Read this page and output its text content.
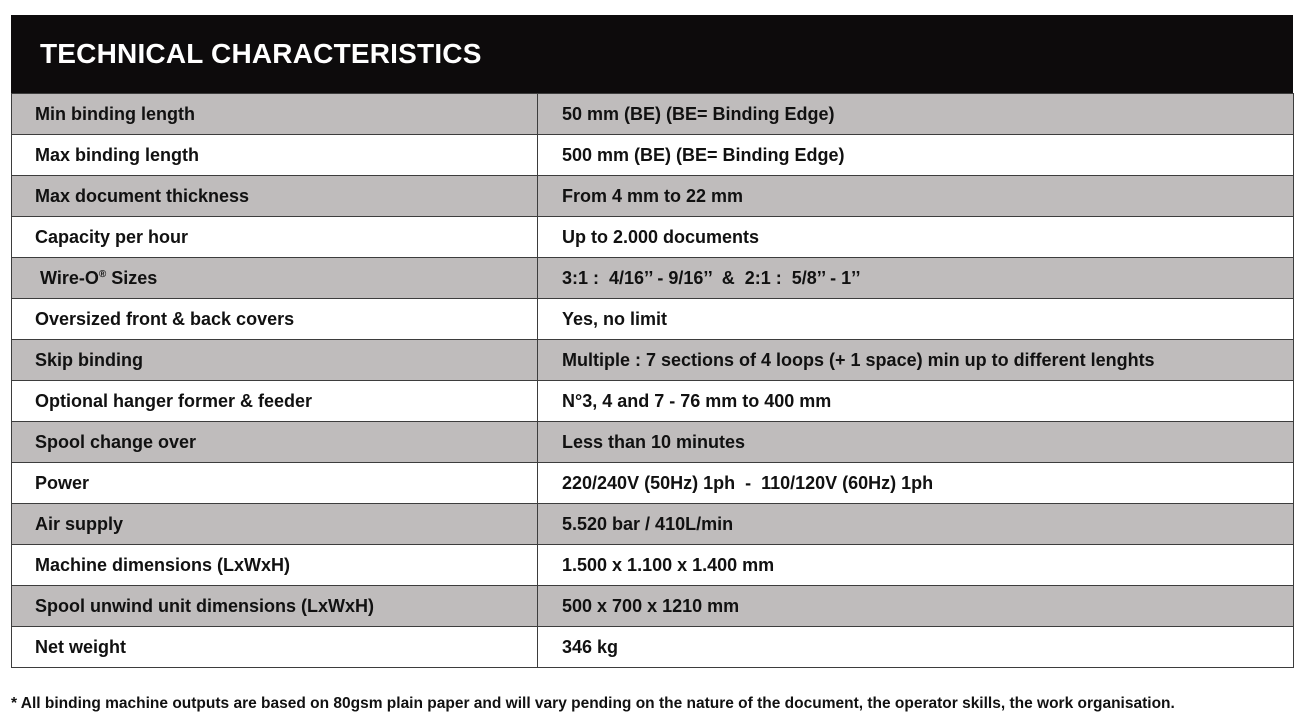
TECHNICAL CHARACTERISTICS
Min binding length	50 mm (BE) (BE= Binding Edge)
Max binding length	500 mm (BE) (BE= Binding Edge)
Max document thickness	From 4 mm to 22 mm
Capacity per hour	Up to 2.000 documents
Wire-O® Sizes	3:1 :  4/16’’ - 9/16’’  &  2:1 :  5/8’’ - 1’’
Oversized front & back covers	Yes, no limit
Skip binding	Multiple : 7 sections of 4 loops (+ 1 space) min up to different lenghts
Optional hanger former & feeder	N°3, 4 and 7 - 76 mm to 400 mm
Spool change over	Less than 10 minutes
Power	220/240V (50Hz) 1ph  -  110/120V (60Hz) 1ph
Air supply	5.520 bar / 410L/min
Machine dimensions (LxWxH)	1.500 x 1.100 x 1.400 mm
Spool unwind unit dimensions (LxWxH)	500 x 700 x 1210 mm
Net weight	346 kg
* All binding machine outputs are based on 80gsm plain paper and will vary pending on the nature of the document, the operator skills, the work organisation.
